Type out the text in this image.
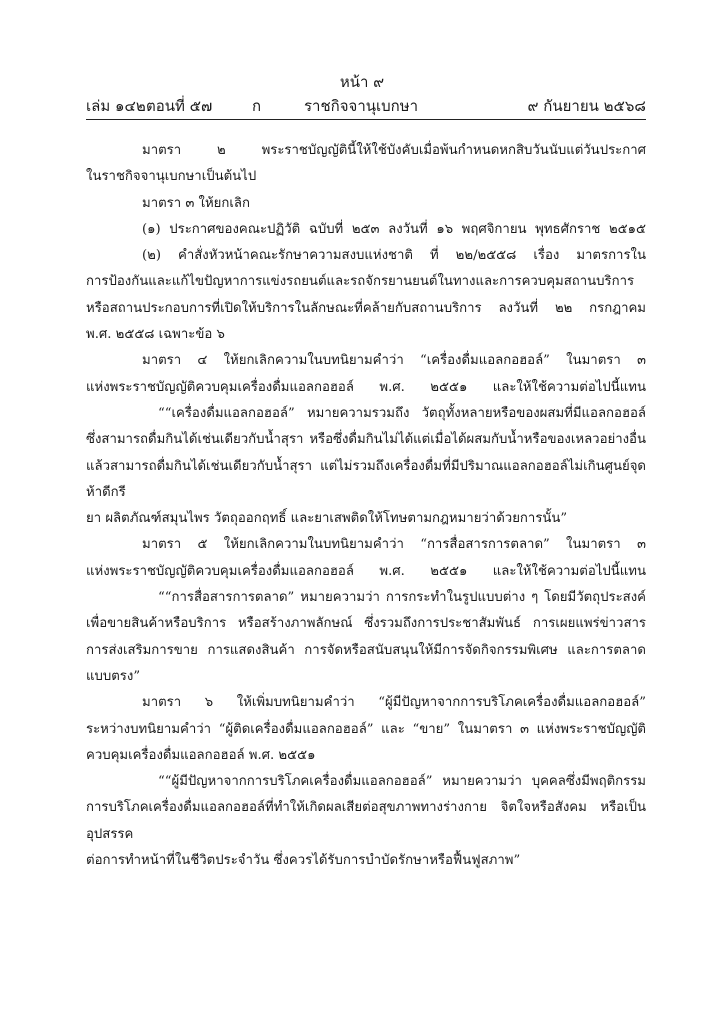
หน้า ๙
เล่ม ๑๔๒ ตอนที่ ๕๗	ก	ราชกิจจานุเบกษา	๙ กันยายน ๒๕๖๘

มาตรา ๒ พระราชบัญญัตินี้ให้ใช้บังคับเมื่อพ้นกำหนดหกสิบวันนับแต่วันประกาศ

ในราชกิจจานุเบกษาเป็นต้นไป

มาตรา ๓ ให้ยกเลิก

(๑) ประกาศของคณะปฏิวัติ ฉบับที่ ๒๕๓ ลงวันที่ ๑๖ พฤศจิกายน พุทธศักราช ๒๕๑๕

(๒) คำสั่งหัวหน้าคณะรักษาความสงบแห่งชาติ ที่ ๒๒/๒๕๕๘ เรื่อง มาตรการใน

การป้องกันและแก้ไขปัญหาการแข่งรถยนต์และรถจักรยานยนต์ในทางและการควบคุมสถานบริการ

หรือสถานประกอบการที่เปิดให้บริการในลักษณะที่คล้ายกับสถานบริการ ลงวันที่ ๒๒ กรกฎาคม

พ.ศ. ๒๕๕๘ เฉพาะข้อ ๖

มาตรา ๔ ให้ยกเลิกความในบทนิยามคำว่า “เครื่องดื่มแอลกอฮอล์” ในมาตรา ๓

แห่งพระราชบัญญัติควบคุมเครื่องดื่มแอลกอฮอล์ พ.ศ. ๒๕๕๑ และให้ใช้ความต่อไปนี้แทน

““เครื่องดื่มแอลกอฮอล์” หมายความรวมถึง วัตถุทั้งหลายหรือของผสมที่มีแอลกอฮอล์

ซึ่งสามารถดื่มกินได้เช่นเดียวกับน้ำสุรา หรือซึ่งดื่มกินไม่ได้แต่เมื่อได้ผสมกับน้ำหรือของเหลวอย่างอื่น

แล้วสามารถดื่มกินได้เช่นเดียวกับน้ำสุรา แต่ไม่รวมถึงเครื่องดื่มที่มีปริมาณแอลกอฮอล์ไม่เกินศูนย์จุดห้าดีกรี

ยา ผลิตภัณฑ์สมุนไพร วัตถุออกฤทธิ์ และยาเสพติดให้โทษตามกฎหมายว่าด้วยการนั้น”

มาตรา ๕ ให้ยกเลิกความในบทนิยามคำว่า “การสื่อสารการตลาด” ในมาตรา ๓

แห่งพระราชบัญญัติควบคุมเครื่องดื่มแอลกอฮอล์ พ.ศ. ๒๕๕๑ และให้ใช้ความต่อไปนี้แทน

““การสื่อสารการตลาด” หมายความว่า การกระทำในรูปแบบต่าง ๆ โดยมีวัตถุประสงค์

เพื่อขายสินค้าหรือบริการ หรือสร้างภาพลักษณ์ ซึ่งรวมถึงการประชาสัมพันธ์ การเผยแพร่ข่าวสาร

การส่งเสริมการขาย การแสดงสินค้า การจัดหรือสนับสนุนให้มีการจัดกิจกรรมพิเศษ และการตลาดแบบตรง”

มาตรา ๖ ให้เพิ่มบทนิยามคำว่า “ผู้มีปัญหาจากการบริโภคเครื่องดื่มแอลกอฮอล์”

ระหว่างบทนิยามคำว่า “ผู้ติดเครื่องดื่มแอลกอฮอล์” และ “ขาย” ในมาตรา ๓ แห่งพระราชบัญญัติ

ควบคุมเครื่องดื่มแอลกอฮอล์ พ.ศ. ๒๕๕๑

““ผู้มีปัญหาจากการบริโภคเครื่องดื่มแอลกอฮอล์” หมายความว่า บุคคลซึ่งมีพฤติกรรม

การบริโภคเครื่องดื่มแอลกอฮอล์ที่ทำให้เกิดผลเสียต่อสุขภาพทางร่างกาย จิตใจหรือสังคม หรือเป็นอุปสรรค

ต่อการทำหน้าที่ในชีวิตประจำวัน ซึ่งควรได้รับการบำบัดรักษาหรือฟื้นฟูสภาพ”
